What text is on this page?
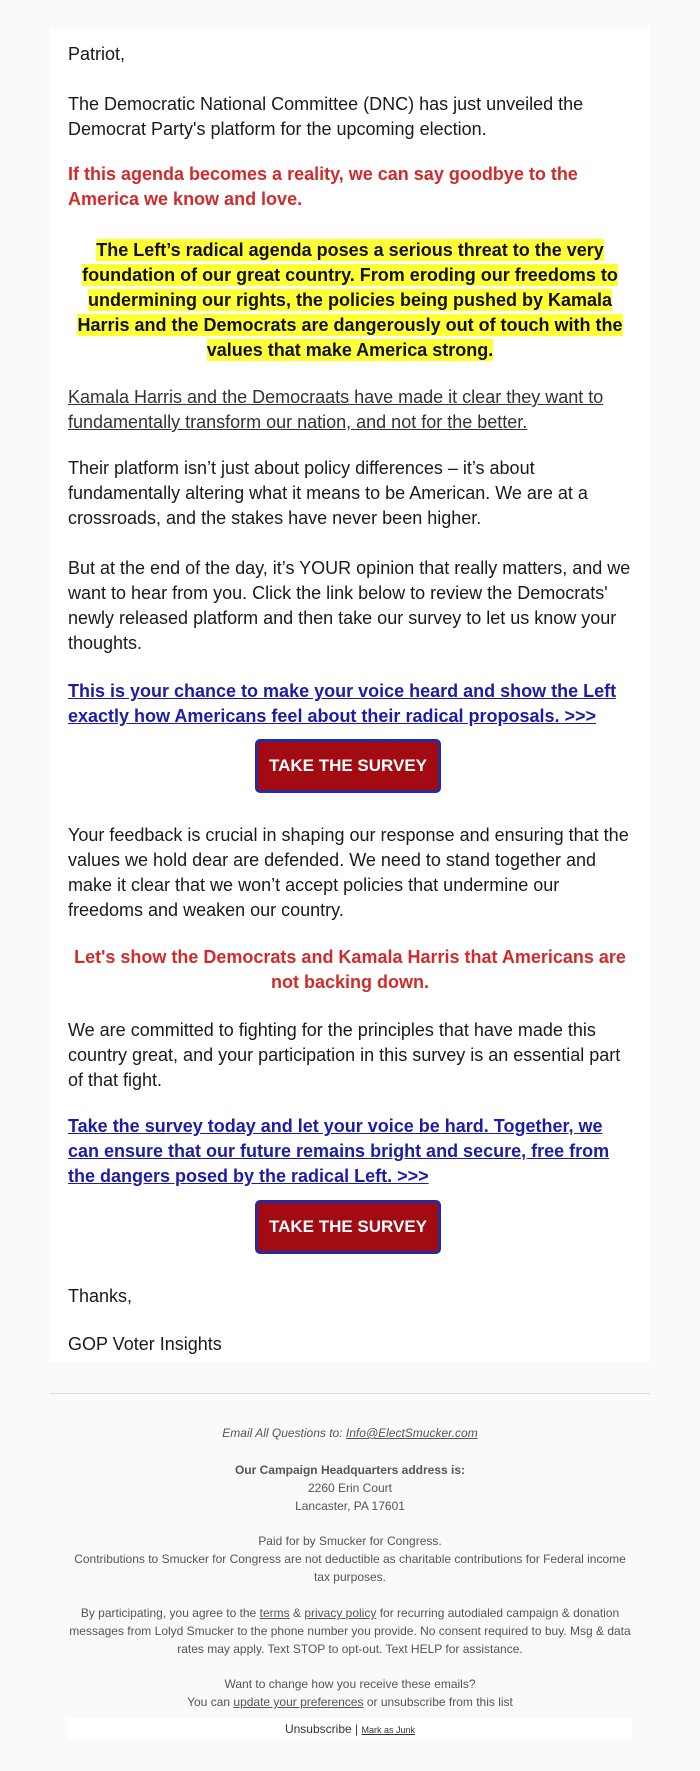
Patriot,

The Democratic National Committee (DNC) has just unveiled the Democrat Party's platform for the upcoming election.

If this agenda becomes a reality, we can say goodbye to the America we know and love.

The Left’s radical agenda poses a serious threat to the very foundation of our great country. From eroding our freedoms to undermining our rights, the policies being pushed by Kamala Harris and the Democrats are dangerously out of touch with the values that make America strong.

Kamala Harris and the Democraats have made it clear they want to fundamentally transform our nation, and not for the better.

Their platform isn’t just about policy differences – it’s about fundamentally altering what it means to be American. We are at a crossroads, and the stakes have never been higher.

But at the end of the day, it’s YOUR opinion that really matters, and we want to hear from you. Click the link below to review the Democrats' newly released platform and then take our survey to let us know your thoughts.

This is your chance to make your voice heard and show the Left exactly how Americans feel about their radical proposals. >>>

TAKE THE SURVEY

Your feedback is crucial in shaping our response and ensuring that the values we hold dear are defended. We need to stand together and make it clear that we won’t accept policies that undermine our freedoms and weaken our country.

Let's show the Democrats and Kamala Harris that Americans are not backing down.

We are committed to fighting for the principles that have made this country great, and your participation in this survey is an essential part of that fight.

Take the survey today and let your voice be hard. Together, we can ensure that our future remains bright and secure, free from the dangers posed by the radical Left. >>>

TAKE THE SURVEY

Thanks,

GOP Voter Insights

Email All Questions to: Info@ElectSmucker.com

Our Campaign Headquarters address is:

2260 Erin Court

Lancaster, PA 17601

Paid for by Smucker for Congress.

Contributions to Smucker for Congress are not deductible as charitable contributions for Federal income tax purposes.

By participating, you agree to the terms & privacy policy for recurring autodialed campaign & donation messages from Lolyd Smucker to the phone number you provide. No consent required to buy. Msg & data rates may apply. Text STOP to opt-out. Text HELP for assistance.

Want to change how you receive these emails?

You can update your preferences or unsubscribe from this list

Unsubscribe | Mark as Junk
